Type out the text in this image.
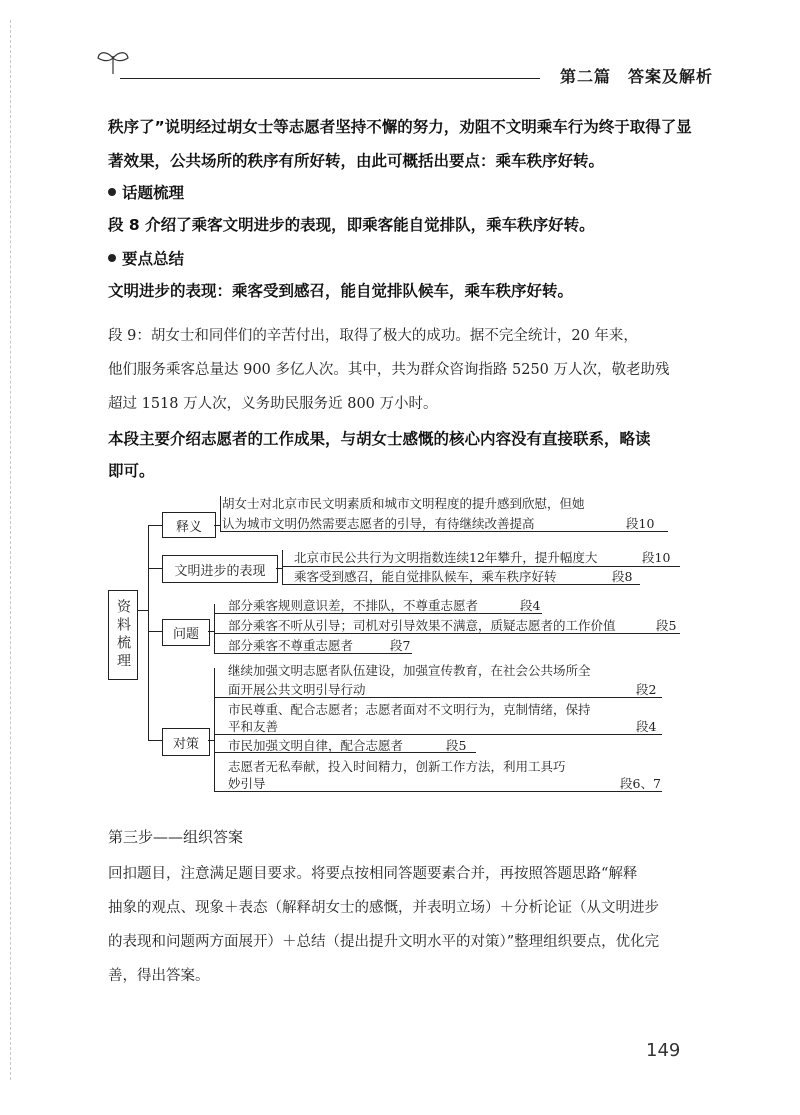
第二篇　答案及解析
秩序了”说明经过胡女士等志愿者坚持不懈的努力，劝阻不文明乘车行为终于取得了显
著效果，公共场所的秩序有所好转，由此可概括出要点：乘车秩序好转。
话题梳理
段 8 介绍了乘客文明进步的表现，即乘客能自觉排队，乘车秩序好转。
要点总结
文明进步的表现：乘客受到感召，能自觉排队候车，乘车秩序好转。
段 9：胡女士和同伴们的辛苦付出，取得了极大的成功。据不完全统计，20 年来，
他们服务乘客总量达 900 多亿人次。其中，共为群众咨询指路 5250 万人次，敬老助残
超过 1518 万人次，义务助民服务近 800 万小时。
本段主要介绍志愿者的工作成果，与胡女士感慨的核心内容没有直接联系，略读
即可。
资料梳理
释义
胡女士对北京市民文明素质和城市文明程度的提升感到欣慰，但她
认为城市文明仍然需要志愿者的引导，有待继续改善提高	段10
文明进步的表现
北京市民公共行为文明指数连续12年攀升，提升幅度大	段10
乘客受到感召，能自觉排队候车，乘车秩序好转	段8
问题
部分乘客规则意识差，不排队，不尊重志愿者	段4
部分乘客不听从引导；司机对引导效果不满意，质疑志愿者的工作价值	段5
部分乘客不尊重志愿者	段7
对策
继续加强文明志愿者队伍建设，加强宣传教育，在社会公共场所全
面开展公共文明引导行动	段2
市民尊重、配合志愿者；志愿者面对不文明行为，克制情绪，保持
平和友善	段4
市民加强文明自律，配合志愿者	段5
志愿者无私奉献，投入时间精力，创新工作方法，利用工具巧
妙引导	段6、7
第三步——组织答案
回扣题目，注意满足题目要求。将要点按相同答题要素合并，再按照答题思路“解释
抽象的观点、现象＋表态（解释胡女士的感慨，并表明立场）＋分析论证（从文明进步
的表现和问题两方面展开）＋总结（提出提升文明水平的对策）”整理组织要点，优化完
善，得出答案。
149
